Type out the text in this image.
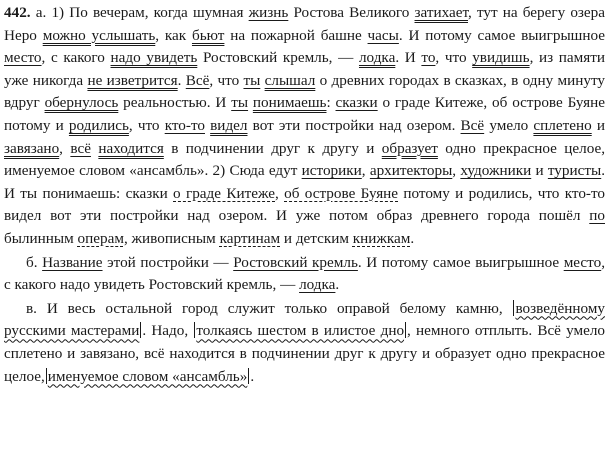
442. а. 1) По вечерам, когда шумная жизнь Ростова Великого затихает, тут на берегу озера Неро можно услышать, как бьют на пожарной башне часы. И потому самое выигрышное место, с какого надо увидеть Ростовский кремль, — лодка. И то, что увидишь, из памяти уже никогда не изветрится. Всё, что ты слышал о древних городах в сказках, в одну минуту вдруг обернулось реальностью. И ты понимаешь: сказки о граде Китеже, об острове Буяне потому и родились, что кто-то видел вот эти постройки над озером. Всё умело сплетено и завязано, всё находится в подчинении друг к другу и образует одно прекрасное целое, именуемое словом «ансамбль». 2) Сюда едут историки, архитекторы, художники и туристы. И ты понимаешь: сказки о граде Китеже, об острове Буяне потому и родились, что кто-то видел вот эти постройки над озером. И уже потом образ древнего города пошёл по былинным операм, живописным картинам и детским книжкам.

б. Название этой постройки — Ростовский кремль. И потому самое выигрышное место, с какого надо увидеть Ростовский кремль, — лодка.

в. И весь остальной город служит только оправой белому камню, возведённому русскими мастерами . Надо, толкаясь шестом в илистое дно , немного отплыть. Всё умело сплетено и завязано, всё находится в подчинении друг к другу и образует одно прекрасное целое, именуемое словом «ансамбль» .
